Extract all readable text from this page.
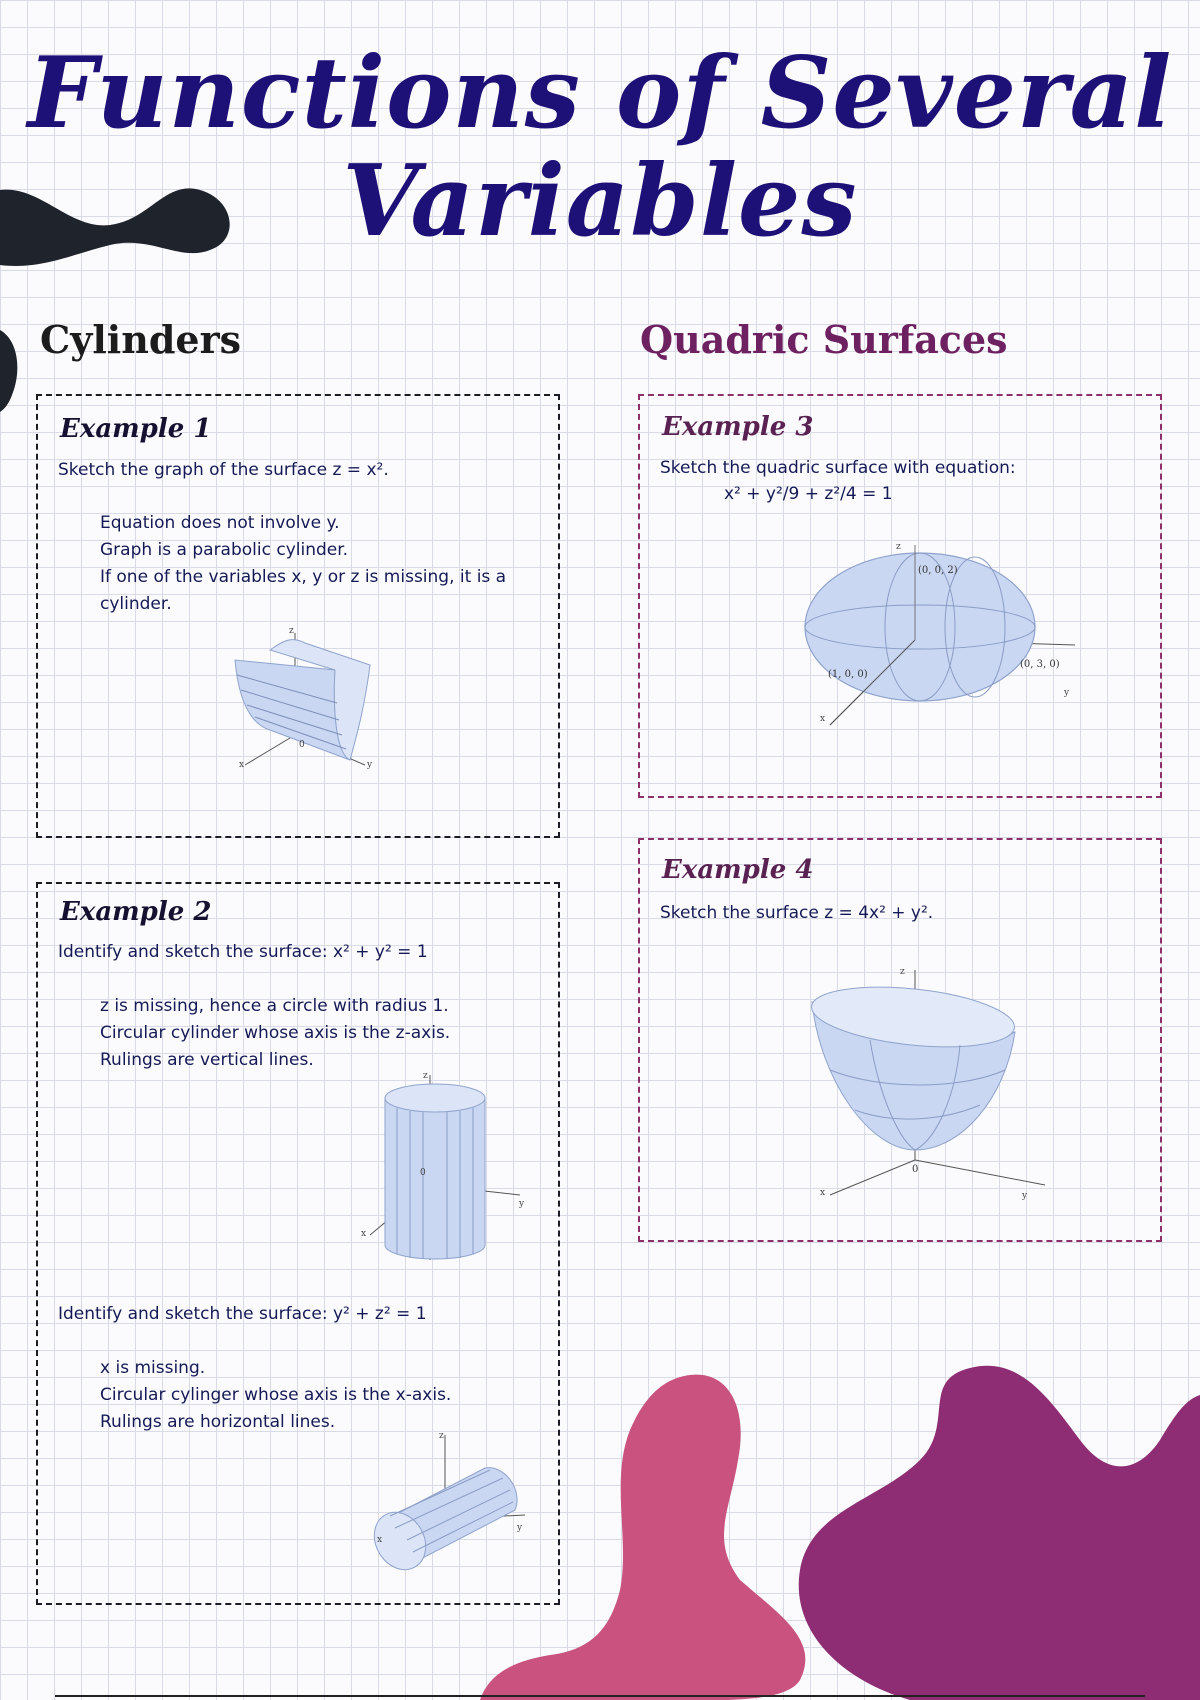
Functions of Several
Variables
Cylinders	Quadric Surfaces
Example 1
Sketch the graph of the surface z = x².
Equation does not involve y.
Graph is a parabolic cylinder.
If one of the variables x, y or z is missing, it is a
cylinder.
z
0
x	y
Example 2
Identify and sketch the surface: x² + y² = 1
z is missing, hence a circle with radius 1.
Circular cylinder whose axis is the z-axis.
Rulings are vertical lines.
z
0
x
y
Identify and sketch the surface: y² + z² = 1
x is missing.
Circular cylinger whose axis is the x-axis.
Rulings are horizontal lines.
z
x
y
Example 3
Sketch the quadric surface with equation:
x² + y²/9 + z²/4 = 1
z
(0, 0, 2)
(1, 0, 0)
(0, 3, 0)
x
y
Example 4
Sketch the surface z = 4x² + y².
z
0
x	y
